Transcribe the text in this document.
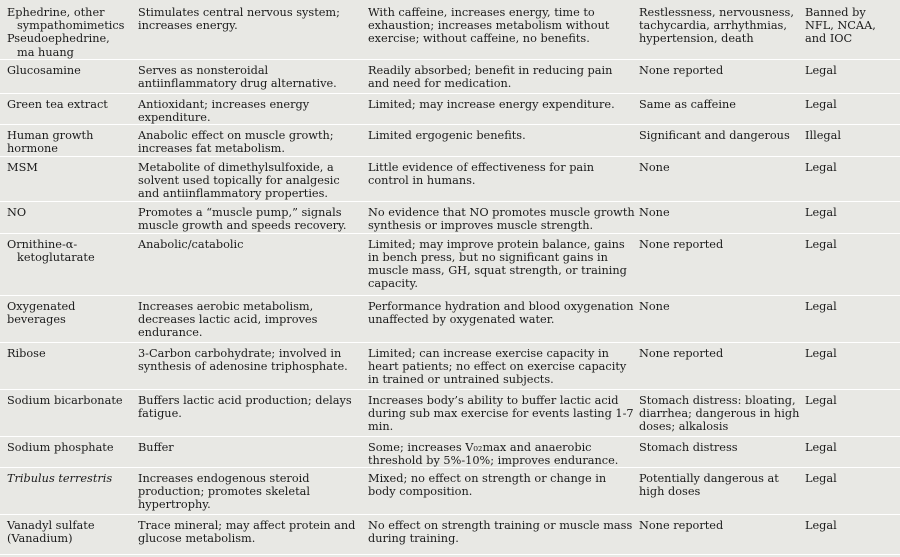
Ephedrine, other
sympathomimetics
Pseudoephedrine,
ma huang	Stimulates central nervous system; increases energy.	With caffeine, increases energy, time to exhaustion; increases metabolism without exercise; without caffeine, no benefits.	Restlessness, nervousness, tachycardia, arrhythmias, hypertension, death	Banned by NFL, NCAA, and IOC
Glucosamine	Serves as nonsteroidal antiinflammatory drug alternative.	Readily absorbed; benefit in reducing pain and need for medication.	None reported	Legal
Green tea extract	Antioxidant; increases energy expenditure.	Limited; may increase energy expenditure.	Same as caffeine	Legal
Human growth hormone	Anabolic effect on muscle growth; increases fat metabolism.	Limited ergogenic benefits.	Significant and dangerous	Illegal
MSM	Metabolite of dimethylsulfoxide, a solvent used topically for analgesic and antiinflammatory properties.	Little evidence of effectiveness for pain control in humans.	None	Legal
NO	Promotes a “muscle pump,” signals muscle growth and speeds recovery.	No evidence that NO promotes muscle growth synthesis or improves muscle strength.	None	Legal

Ornithine-α-
ketoglutarate	Anabolic/catabolic	Limited; may improve protein balance, gains in bench press, but no significant gains in muscle mass, GH, squat strength, or training capacity.	None reported	Legal
Oxygenated beverages	Increases aerobic metabolism, decreases lactic acid, improves endurance.	Performance hydration and blood oxygenation unaffected by oxygenated water.	None	Legal
Ribose	3-Carbon carbohydrate; involved in synthesis of adenosine triphosphate.	Limited; can increase exercise capacity in heart patients; no effect on exercise capacity in trained or untrained subjects.	None reported	Legal
Sodium bicarbonate	Buffers lactic acid production; delays fatigue.	Increases body’s ability to buffer lactic acid during sub max exercise for events lasting 1-7 min.	Stomach distress: bloating, diarrhea; dangerous in high doses; alkalosis	Legal
Sodium phosphate	Buffer	Some; increases V₀₂max and anaerobic threshold by 5%-10%; improves endurance.	Stomach distress	Legal
Tribulus terrestris	Increases endogenous steroid production; promotes skeletal hypertrophy.	Mixed; no effect on strength or change in body composition.	Potentially dangerous at high doses	Legal
Vanadyl sulfate (Vanadium)	Trace mineral; may affect protein and glucose metabolism.	No effect on strength training or muscle mass during training.	None reported	Legal
